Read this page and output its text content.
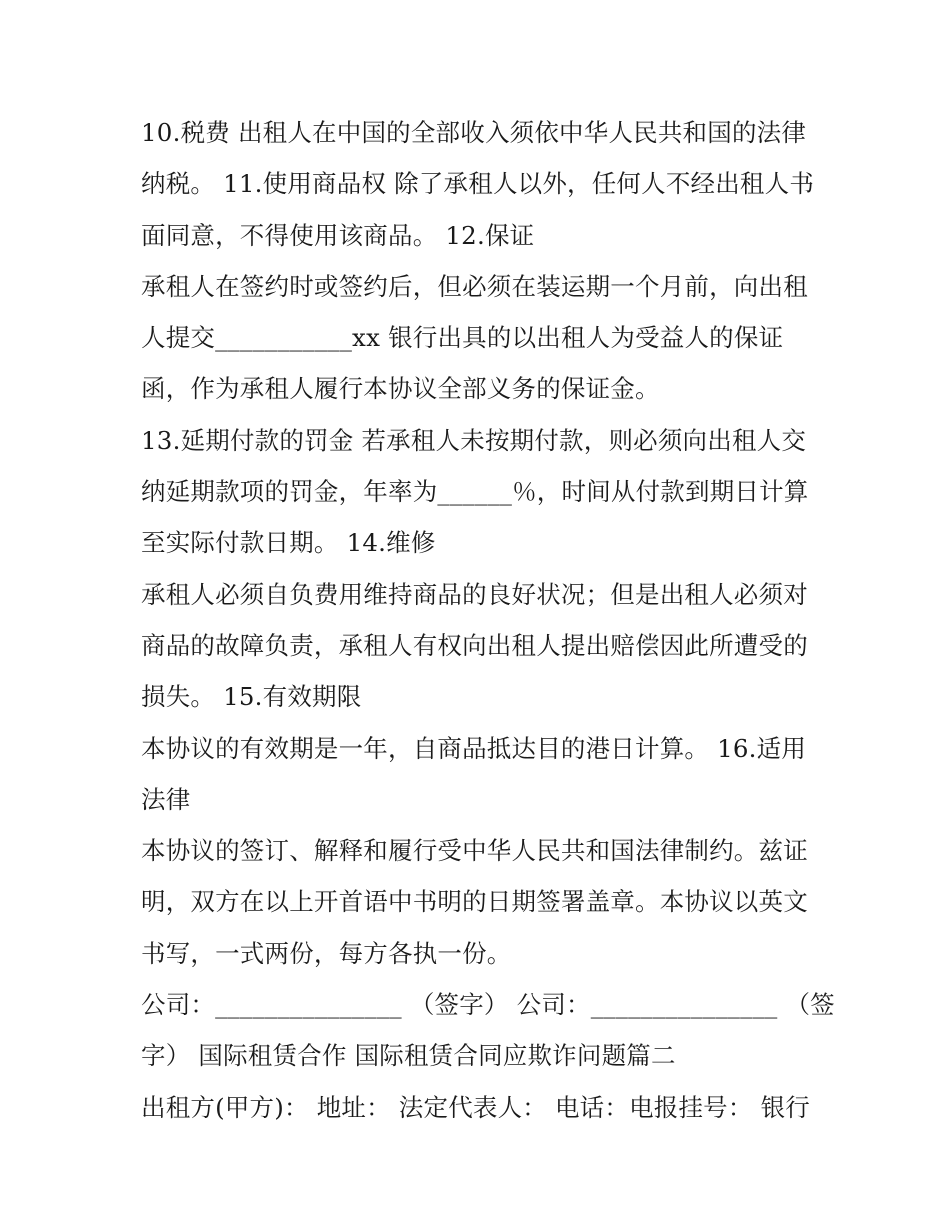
10.税费 出租人在中国的全部收入须依中华人民共和国的法律
纳税。 11.使用商品权 除了承租人以外，任何人不经出租人书
面同意，不得使用该商品。 12.保证
承租人在签约时或签约后，但必须在装运期一个月前，向出租
人提交___________xx 银行出具的以出租人为受益人的保证
函，作为承租人履行本协议全部义务的保证金。
13.延期付款的罚金 若承租人未按期付款，则必须向出租人交
纳延期款项的罚金，年率为______％，时间从付款到期日计算
至实际付款日期。 14.维修
承租人必须自负费用维持商品的良好状况；但是出租人必须对
商品的故障负责，承租人有权向出租人提出赔偿因此所遭受的
损失。 15.有效期限
本协议的有效期是一年，自商品抵达目的港日计算。 16.适用
法律
本协议的签订、解释和履行受中华人民共和国法律制约。兹证
明，双方在以上开首语中书明的日期签署盖章。本协议以英文
书写，一式两份，每方各执一份。
公司：_______________ （签字） 公司：_______________ （签
字） 国际租赁合作 国际租赁合同应欺诈问题篇二
出租方(甲方)： 地址： 法定代表人： 电话：电报挂号： 银行
